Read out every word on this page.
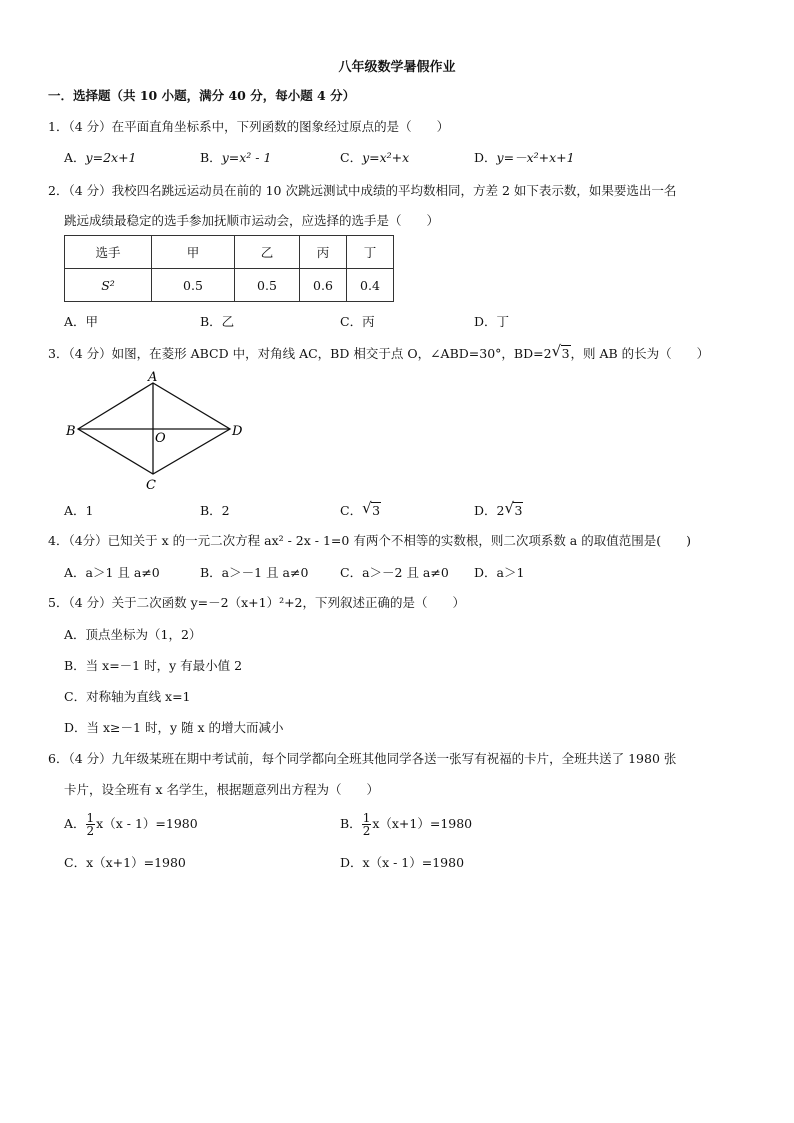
八年级数学暑假作业
一．选择题（共 10 小题，满分 40 分，每小题 4 分）
1．（4 分）在平面直角坐标系中，下列函数的图象经过原点的是（　　）
A．y=2x+1	B．y=x² - 1	C．y=x²+x	D．y=－x²+x+1
2．（4 分）我校四名跳远运动员在前的 10 次跳远测试中成绩的平均数相同，方差 2 如下表示数，如果要选出一名
跳远成绩最稳定的选手参加抚顺市运动会，应选择的选手是（　　）
选手	甲	乙	丙	丁
S²	0.5	0.5	0.6	0.4
A．甲	B．乙	C．丙	D．丁
3．（4 分）如图，在菱形 ABCD 中，对角线 AC，BD 相交于点 O，∠ABD=30°，BD=2 √ 3，则 AB 的长为（　　）
A
B	D
C
O
A．1	B．2	C． √ 3	D．2 √ 3
4．（4分）已知关于 x 的一元二次方程 ax² - 2x - 1=0 有两个不相等的实数根，则二次项系数 a 的取值范围是(　　)
A．a＞1 且 a≠0	B．a＞－1 且 a≠0	C．a＞－2 且 a≠0 D．a＞1
5．（4 分）关于二次函数 y=－2（x+1）²+2，下列叙述正确的是（　　）
A．顶点坐标为（1，2）
B．当 x=－1 时，y 有最小值 2
C．对称轴为直线 x=1
D．当 x≥－1 时，y 随 x 的增大而减小
6．（4 分）九年级某班在期中考试前，每个同学都向全班其他同学各送一张写有祝福的卡片，全班共送了 1980 张
卡片，设全班有 x 名学生，根据题意列出方程为（　　）
A． $\frac{1}{2} x(x - 1)=1980$	B． $\frac{1}{2} x(x+1)=1980$
C．x（x+1）=1980	D．x（x - 1）=1980
